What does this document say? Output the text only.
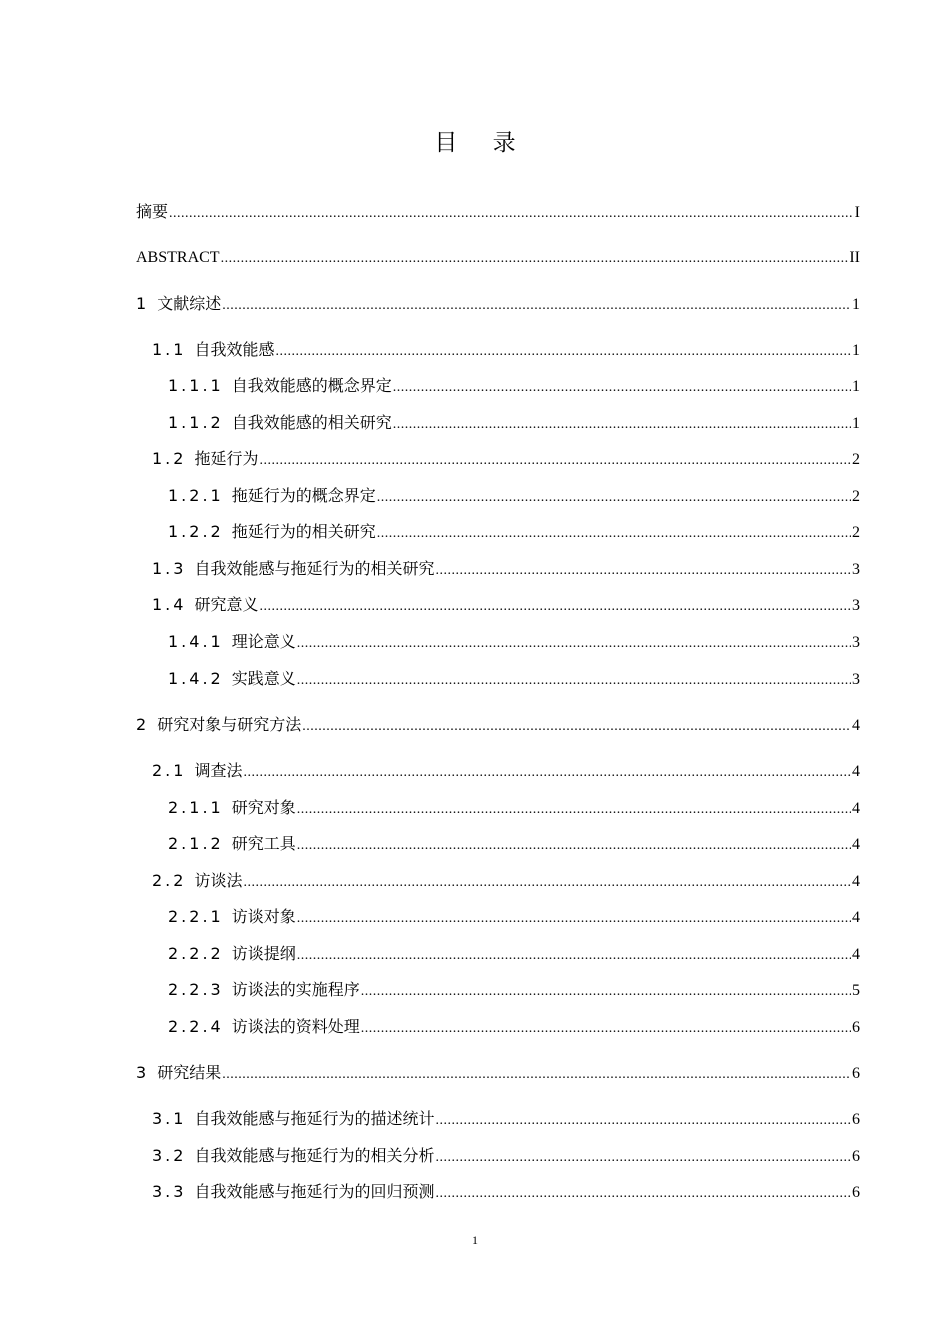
目 录
摘要 .....	I
ABSTRACT .....	II
1 文献综述 .....	1
1.1 自我效能感 .....	1
1.1.1 自我效能感的概念界定 .....	1
1.1.2 自我效能感的相关研究 .....	1
1.2 拖延行为 .....	2
1.2.1 拖延行为的概念界定 .....	2
1.2.2 拖延行为的相关研究 .....	2
1.3 自我效能感与拖延行为的相关研究 .....	3
1.4 研究意义 .....	3
1.4.1 理论意义 .....	3
1.4.2 实践意义 .....	3
2 研究对象与研究方法 .....	4
2.1 调查法 .....	4
2.1.1 研究对象 .....	4
2.1.2 研究工具 .....	4
2.2 访谈法 .....	4
2.2.1 访谈对象 .....	4
2.2.2 访谈提纲 .....	4
2.2.3 访谈法的实施程序 .....	5
2.2.4 访谈法的资料处理 .....	6
3 研究结果 .....	6
3.1 自我效能感与拖延行为的描述统计 .....	6
3.2 自我效能感与拖延行为的相关分析 .....	6
3.3 自我效能感与拖延行为的回归预测 .....	6
1
